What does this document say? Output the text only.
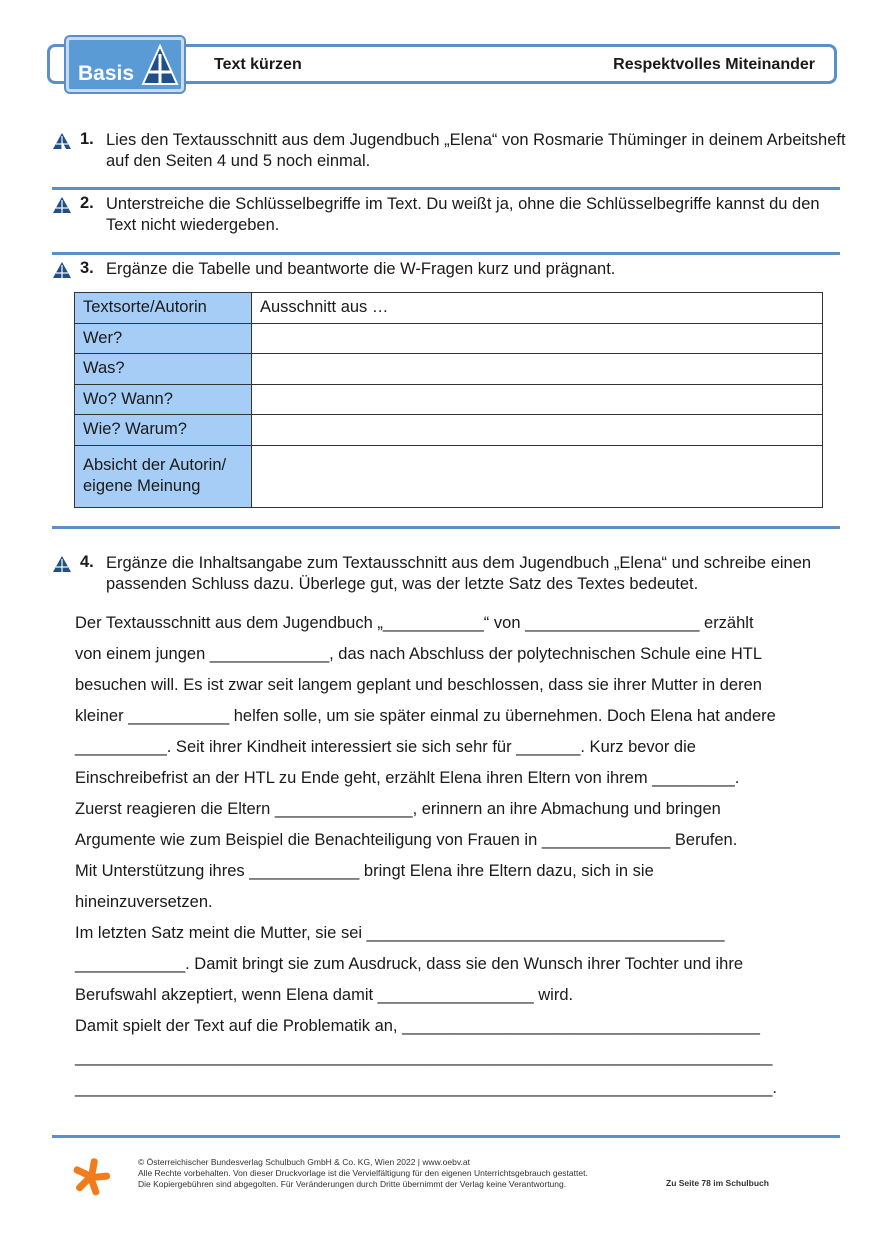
Basis	Text kürzen	Respektvolles Miteinander
1. Lies den Textausschnitt aus dem Jugendbuch „Elena“ von Rosmarie Thüminger in deinem Arbeitsheft auf den Seiten 4 und 5 noch einmal.
2. Unterstreiche die Schlüsselbegriffe im Text. Du weißt ja, ohne die Schlüsselbegriffe kannst du den Text nicht wiedergeben.
3. Ergänze die Tabelle und beantworte die W-Fragen kurz und prägnant.
Textsorte/Autorin	Ausschnitt aus …
Wer?	
Was?	
Wo? Wann?	
Wie? Warum?	
Absicht der Autorin/
eigene Meinung	
4. Ergänze die Inhaltsangabe zum Textausschnitt aus dem Jugendbuch „Elena“ und schreibe einen passenden Schluss dazu. Überlege gut, was der letzte Satz des Textes bedeutet.

Der Textausschnitt aus dem Jugendbuch „___________“ von ___________________ erzählt

von einem jungen _____________, das nach Abschluss der polytechnischen Schule eine HTL

besuchen will. Es ist zwar seit langem geplant und beschlossen, dass sie ihrer Mutter in deren

kleiner ___________ helfen solle, um sie später einmal zu übernehmen. Doch Elena hat andere

__________. Seit ihrer Kindheit interessiert sie sich sehr für _______. Kurz bevor die

Einschreibefrist an der HTL zu Ende geht, erzählt Elena ihren Eltern von ihrem _________.

Zuerst reagieren die Eltern _______________, erinnern an ihre Abmachung und bringen

Argumente wie zum Beispiel die Benachteiligung von Frauen in ______________ Berufen.

Mit Unterstützung ihres ____________ bringt Elena ihre Eltern dazu, sich in sie

hineinzuversetzen.

Im letzten Satz meint die Mutter, sie sei _______________________________________

____________. Damit bringt sie zum Ausdruck, dass sie den Wunsch ihrer Tochter und ihre

Berufswahl akzeptiert, wenn Elena damit _________________ wird.

Damit spielt der Text auf die Problematik an, _______________________________________

____________________________________________________________________________

____________________________________________________________________________.

© Österreichischer Bundesverlag Schulbuch GmbH & Co. KG, Wien 2022 | www.oebv.at
Alle Rechte vorbehalten. Von dieser Druckvorlage ist die Vervielfältigung für den eigenen Unterrichtsgebrauch gestattet.
Die Kopiergebühren sind abgegolten. Für Veränderungen durch Dritte übernimmt der Verlag keine Verantwortung.	Zu Seite 78 im Schulbuch
